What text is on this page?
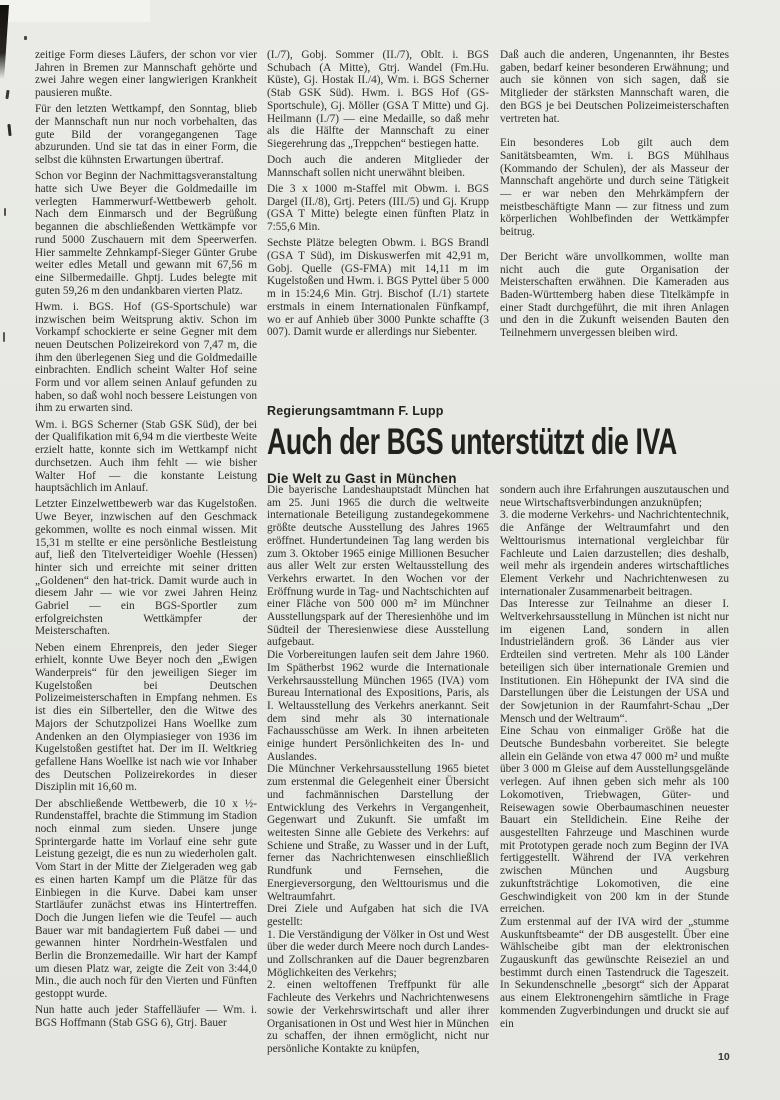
zeitige Form dieses Läufers, der schon vor vier Jahren in Bremen zur Mannschaft gehörte und zwei Jahre wegen einer langwierigen Krankheit pausieren mußte.

Für den letzten Wettkampf, den Sonntag, blieb der Mannschaft nun nur noch vorbehalten, das gute Bild der vorangegangenen Tage abzurunden. Und sie tat das in einer Form, die selbst die kühnsten Erwartungen übertraf.

Schon vor Beginn der Nachmittagsveranstaltung hatte sich Uwe Beyer die Goldmedaille im verlegten Hammerwurf-Wettbewerb geholt. Nach dem Einmarsch und der Begrüßung begannen die abschließenden Wettkämpfe vor rund 5000 Zuschauern mit dem Speerwerfen. Hier sammelte Zehnkampf-Sieger Günter Grube weiter edles Metall und gewann mit 67,56 m eine Silbermedaille. Ghptj. Ludes belegte mit guten 59,26 m den undankbaren vierten Platz.

Hwm. i. BGS. Hof (GS-Sportschule) war inzwischen beim Weitsprung aktiv. Schon im Vorkampf schockierte er seine Gegner mit dem neuen Deutschen Polizeirekord von 7,47 m, die ihm den überlegenen Sieg und die Goldmedaille einbrachten. Endlich scheint Walter Hof seine Form und vor allem seinen Anlauf gefunden zu haben, so daß wohl noch bessere Leistungen von ihm zu erwarten sind.

Wm. i. BGS Scherner (Stab GSK Süd), der bei der Qualifikation mit 6,94 m die viertbeste Weite erzielt hatte, konnte sich im Wettkampf nicht durchsetzen. Auch ihm fehlt — wie bisher Walter Hof — die konstante Leistung hauptsächlich im Anlauf.

Letzter Einzelwettbewerb war das Kugelstoßen. Uwe Beyer, inzwischen auf den Geschmack gekommen, wollte es noch einmal wissen. Mit 15,31 m stellte er eine persönliche Bestleistung auf, ließ den Titelverteidiger Woehle (Hessen) hinter sich und erreichte mit seiner dritten „Goldenen“ den hat-trick. Damit wurde auch in diesem Jahr — wie vor zwei Jahren Heinz Gabriel — ein BGS-Sportler zum erfolgreichsten Wettkämpfer der Meisterschaften.

Neben einem Ehrenpreis, den jeder Sieger erhielt, konnte Uwe Beyer noch den „Ewigen Wanderpreis“ für den jeweiligen Sieger im Kugelstoßen bei Deutschen Polizeimeisterschaften in Empfang nehmen. Es ist dies ein Silberteller, den die Witwe des Majors der Schutzpolizei Hans Woellke zum Andenken an den Olympiasieger von 1936 im Kugelstoßen gestiftet hat. Der im II. Weltkrieg gefallene Hans Woellke ist nach wie vor Inhaber des Deutschen Polizeirekordes in dieser Disziplin mit 16,60 m.

Der abschließende Wettbewerb, die 10 x ½-Rundenstaffel, brachte die Stimmung im Stadion noch einmal zum sieden. Unsere junge Sprintergarde hatte im Vorlauf eine sehr gute Leistung gezeigt, die es nun zu wiederholen galt. Vom Start in der Mitte der Zielgeraden weg gab es einen harten Kampf um die Plätze für das Einbiegen in die Kurve. Dabei kam unser Startläufer zunächst etwas ins Hintertreffen. Doch die Jungen liefen wie die Teufel — auch Bauer war mit bandagiertem Fuß dabei — und gewannen hinter Nordrhein-Westfalen und Berlin die Bronzemedaille. Wir hart der Kampf um diesen Platz war, zeigte die Zeit von 3:44,0 Min., die auch noch für den Vierten und Fünften gestoppt wurde.

Nun hatte auch jeder Staffelläufer — Wm. i. BGS Hoffmann (Stab GSG 6), Gtrj. Bauer

(I./7), Gobj. Sommer (II./7), Oblt. i. BGS Schubach (A Mitte), Gtrj. Wandel (Fm.Hu. Küste), Gj. Hostak II./4), Wm. i. BGS Scherner (Stab GSK Süd). Hwm. i. BGS Hof (GS-Sportschule), Gj. Möller (GSA T Mitte) und Gj. Heilmann (I./7) — eine Medaille, so daß mehr als die Hälfte der Mannschaft zu einer Siegerehrung das „Treppchen“ bestiegen hatte.

Doch auch die anderen Mitglieder der Mannschaft sollen nicht unerwähnt bleiben.

Die 3 x 1000 m-Staffel mit Obwm. i. BGS Dargel (II./8), Grtj. Peters (III./5) und Gj. Krupp (GSA T Mitte) belegte einen fünften Platz in 7:55,6 Min.

Sechste Plätze belegten Obwm. i. BGS Brandl (GSA T Süd), im Diskuswerfen mit 42,91 m, Gobj. Quelle (GS-FMA) mit 14,11 m im Kugelstoßen und Hwm. i. BGS Pyttel über 5 000 m in 15:24,6 Min. Gtrj. Bischof (I./1) startete erstmals in einem Internationalen Fünfkampf, wo er auf Anhieb über 3000 Punkte schaffte (3 007). Damit wurde er allerdings nur Siebenter.

Daß auch die anderen, Ungenannten, ihr Bestes gaben, bedarf keiner besonderen Erwähnung; und auch sie können von sich sagen, daß sie Mitglieder der stärksten Mannschaft waren, die den BGS je bei Deutschen Polizeimeisterschaften vertreten hat.

Ein besonderes Lob gilt auch dem Sanitätsbeamten, Wm. i. BGS Mühlhaus (Kommando der Schulen), der als Masseur der Mannschaft angehörte und durch seine Tätigkeit — er war neben den Mehrkämpfern der meistbeschäftigte Mann — zur fitness und zum körperlichen Wohlbefinden der Wettkämpfer beitrug.

Der Bericht wäre unvollkommen, wollte man nicht auch die gute Organisation der Meisterschaften erwähnen. Die Kameraden aus Baden-Württemberg haben diese Titelkämpfe in einer Stadt durchgeführt, die mit ihren Anlagen und den in die Zukunft weisenden Bauten den Teilnehmern unvergessen bleiben wird.

Regierungsamtmann F. Lupp
Auch der BGS unterstützt die IVA
Die Welt zu Gast in München

Die bayerische Landeshauptstadt München hat am 25. Juni 1965 die durch die weltweite internationale Beteiligung zustandegekommene größte deutsche Ausstellung des Jahres 1965 eröffnet. Hundertundeinen Tag lang werden bis zum 3. Oktober 1965 einige Millionen Besucher aus aller Welt zur ersten Weltausstellung des Verkehrs erwartet. In den Wochen vor der Eröffnung wurde in Tag- und Nachtschichten auf einer Fläche von 500 000 m² im Münchner Ausstellungspark auf der Theresienhöhe und im Südteil der Theresienwiese diese Ausstellung aufgebaut.

Die Vorbereitungen laufen seit dem Jahre 1960. Im Spätherbst 1962 wurde die Internationale Verkehrsausstellung München 1965 (IVA) vom Bureau International des Expositions, Paris, als I. Weltausstellung des Verkehrs anerkannt. Seit dem sind mehr als 30 internationale Fachausschüsse am Werk. In ihnen arbeiteten einige hundert Persönlichkeiten des In- und Auslandes.

Die Münchner Verkehrsausstellung 1965 bietet zum erstenmal die Gelegenheit einer Übersicht und fachmännischen Darstellung der Entwicklung des Verkehrs in Vergangenheit, Gegenwart und Zukunft. Sie umfaßt im weitesten Sinne alle Gebiete des Verkehrs: auf Schiene und Straße, zu Wasser und in der Luft, ferner das Nachrichtenwesen einschließlich Rundfunk und Fernsehen, die Energieversorgung, den Welttourismus und die Weltraumfahrt.

Drei Ziele und Aufgaben hat sich die IVA gestellt:

1. Die Verständigung der Völker in Ost und West über die weder durch Meere noch durch Landes- und Zollschranken auf die Dauer begrenzbaren Möglichkeiten des Verkehrs;

2. einen weltoffenen Treffpunkt für alle Fachleute des Verkehrs und Nachrichtenwesens sowie der Verkehrswirtschaft und aller ihrer Organisationen in Ost und West hier in München zu schaffen, der ihnen ermöglicht, nicht nur persönliche Kontakte zu knüpfen,

sondern auch ihre Erfahrungen auszutauschen und neue Wirtschaftsverbindungen anzuknüpfen;

3. die moderne Verkehrs- und Nachrichtentechnik, die Anfänge der Weltraumfahrt und den Welttourismus international vergleichbar für Fachleute und Laien darzustellen; dies deshalb, weil mehr als irgendein anderes wirtschaftliches Element Verkehr und Nachrichtenwesen zu internationaler Zusammenarbeit beitragen.

Das Interesse zur Teilnahme an dieser I. Weltverkehrsausstellung in München ist nicht nur im eigenen Land, sondern in allen Industrieländern groß. 36 Länder aus vier Erdteilen sind vertreten. Mehr als 100 Länder beteiligen sich über internationale Gremien und Institutionen. Ein Höhepunkt der IVA sind die Darstellungen über die Leistungen der USA und der Sowjetunion in der Raumfahrt-Schau „Der Mensch und der Weltraum“.

Eine Schau von einmaliger Größe hat die Deutsche Bundesbahn vorbereitet. Sie belegte allein ein Gelände von etwa 47 000 m² und mußte über 3 000 m Gleise auf dem Ausstellungsgelände verlegen. Auf ihnen geben sich mehr als 100 Lokomotiven, Triebwagen, Güter- und Reisewagen sowie Oberbaumaschinen neuester Bauart ein Stelldichein. Eine Reihe der ausgestellten Fahrzeuge und Maschinen wurde mit Prototypen gerade noch zum Beginn der IVA fertiggestellt. Während der IVA verkehren zwischen München und Augsburg zukunftsträchtige Lokomotiven, die eine Geschwindigkeit von 200 km in der Stunde erreichen.

Zum erstenmal auf der IVA wird der „stumme Auskunftsbeamte“ der DB ausgestellt. Über eine Wählscheibe gibt man der elektronischen Zugauskunft das gewünschte Reiseziel an und bestimmt durch einen Tastendruck die Tageszeit. In Sekundenschnelle „besorgt“ sich der Apparat aus einem Elektronengehirn sämtliche in Frage kommenden Zugverbindungen und druckt sie auf ein

10
